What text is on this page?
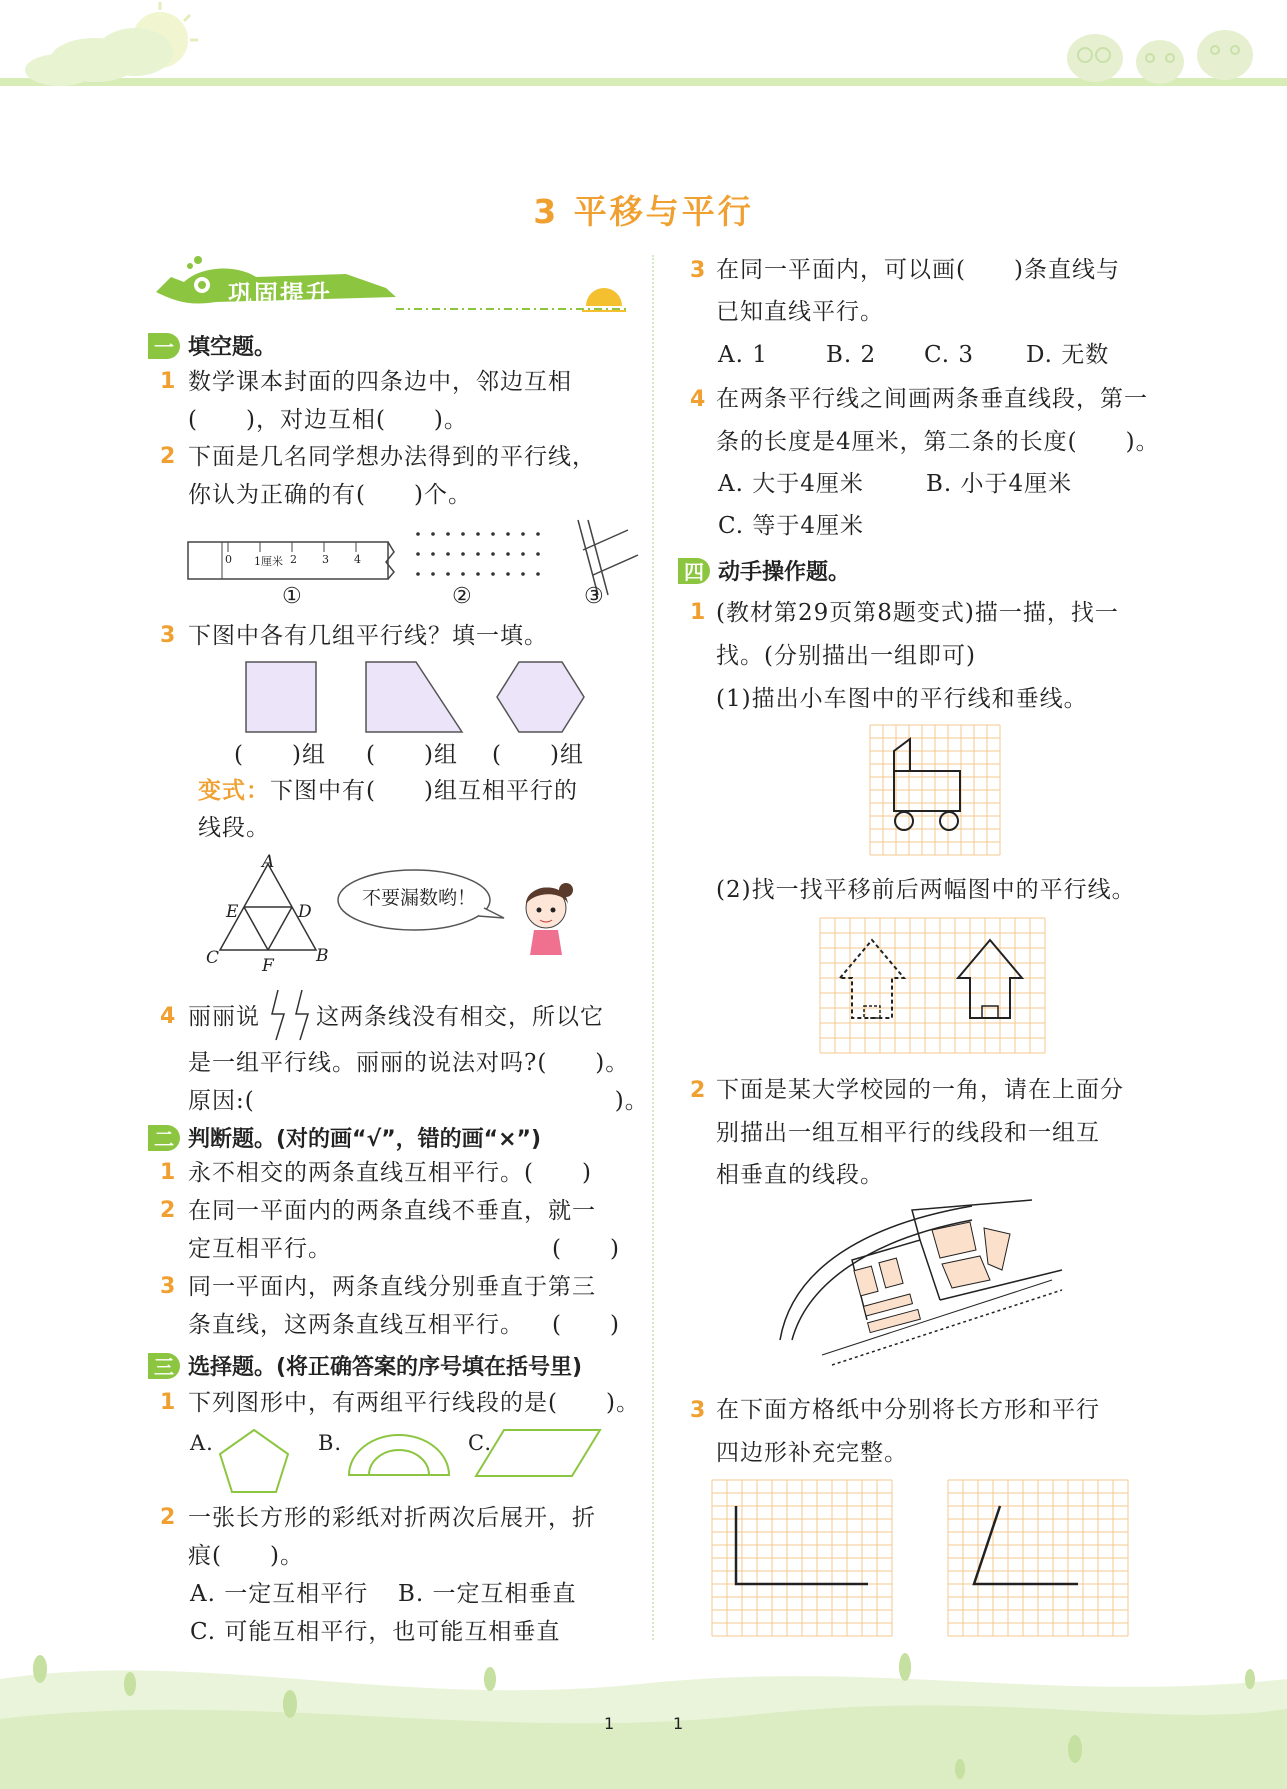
3 平移与平行
巩固提升
一 填空题。
1 数学课本封面的四条边中，邻边互相
(　　)，对边互相(　　)。
2 下面是几名同学想办法得到的平行线，
你认为正确的有(　　)个。
0 1厘米 2 3 4
①	②	③
3 下图中各有几组平行线？填一填。
(　　)组 (　　)组 (　　)组
变式： 下图中有(　　)组互相平行的
线段。
A
E	D
C	F B
不要漏数哟！
4 丽丽说 这两条线没有相交，所以它
是一组平行线。丽丽的说法对吗?(　　)。
原因:(　　　　　　　　　　　　　　　)。
二 判断题。(对的画“√”，错的画“×”)
1 永不相交的两条直线互相平行。(　　)
2 在同一平面内的两条直线不垂直，就一
定互相平行。	(　　)
3 同一平面内，两条直线分别垂直于第三
条直线，这两条直线互相平行。 (　　)
三 选择题。(将正确答案的序号填在括号里)
1 下列图形中，有两组平行线段的是(　　)。
A.	B.	C.
2 一张长方形的彩纸对折两次后展开，折
痕(　　)。
A. 一定互相平行 B. 一定互相垂直
C. 可能互相平行，也可能互相垂直
3 在同一平面内，可以画(　　)条直线与
已知直线平行。
A. 1	B. 2 C. 3 D. 无数
4 在两条平行线之间画两条垂直线段，第一
条的长度是4厘米，第二条的长度(　　)。
A. 大于4厘米	B. 小于4厘米
C. 等于4厘米
四 动手操作题。
1 (教材第29页第8题变式)描一描，找一
找。(分别描出一组即可)
(1)描出小车图中的平行线和垂线。
(2)找一找平移前后两幅图中的平行线。
2 下面是某大学校园的一角，请在上面分
别描出一组互相平行的线段和一组互
相垂直的线段。
3 在下面方格纸中分别将长方形和平行
四边形补充完整。
1	1
